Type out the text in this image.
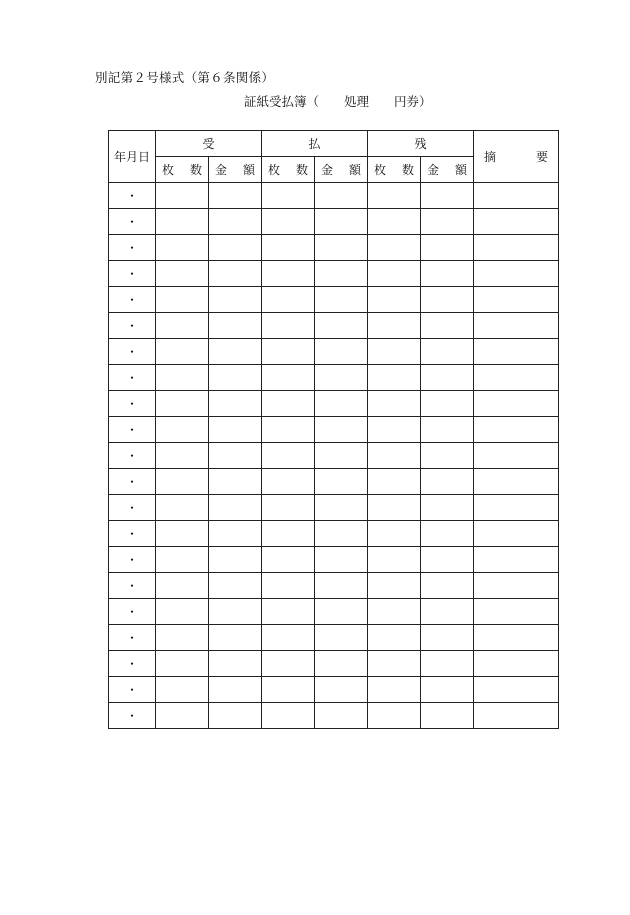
別記第２号様式（第６条関係）
証紙受払簿（　　処理　　円券）
年月日	受		払		残		摘 要

	枚 数	金 額	枚 数	金 額	枚 数	金 額	

・							
・							
・							
・							
・							
・							
・							
・							
・							
・							
・							
・							
・							
・							
・							
・							
・							
・							
・							
・							
・							
